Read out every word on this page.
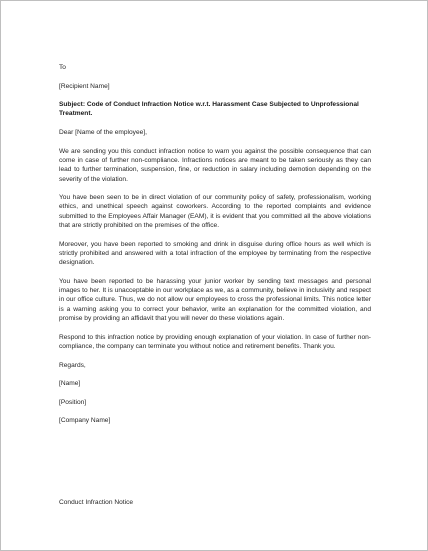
To

[Recipient Name]

Subject: Code of Conduct Infraction Notice w.r.t. Harassment Case Subjected to Unprofessional Treatment.

Dear [Name of the employee],

We are sending you this conduct infraction notice to warn you against the possible consequence that can come in case of further non-compliance. Infractions notices are meant to be taken seriously as they can lead to further termination, suspension, fine, or reduction in salary including demotion depending on the severity of the violation.

You have been seen to be in direct violation of our community policy of safety, professionalism, working ethics, and unethical speech against coworkers. According to the reported complaints and evidence submitted to the Employees Affair Manager (EAM), it is evident that you committed all the above violations that are strictly prohibited on the premises of the office.

Moreover, you have been reported to smoking and drink in disguise during office hours as well which is strictly prohibited and answered with a total infraction of the employee by terminating from the respective designation.

You have been reported to be harassing your junior worker by sending text messages and personal images to her. It is unacceptable in our workplace as we, as a community, believe in inclusivity and respect in our office culture. Thus, we do not allow our employees to cross the professional limits. This notice letter is a warning asking you to correct your behavior, write an explanation for the committed violation, and promise by providing an affidavit that you will never do these violations again.

Respond to this infraction notice by providing enough explanation of your violation. In case of further non-compliance, the company can terminate you without notice and retirement benefits. Thank you.

Regards,

[Name]

[Position]

[Company Name]

Conduct Infraction Notice
